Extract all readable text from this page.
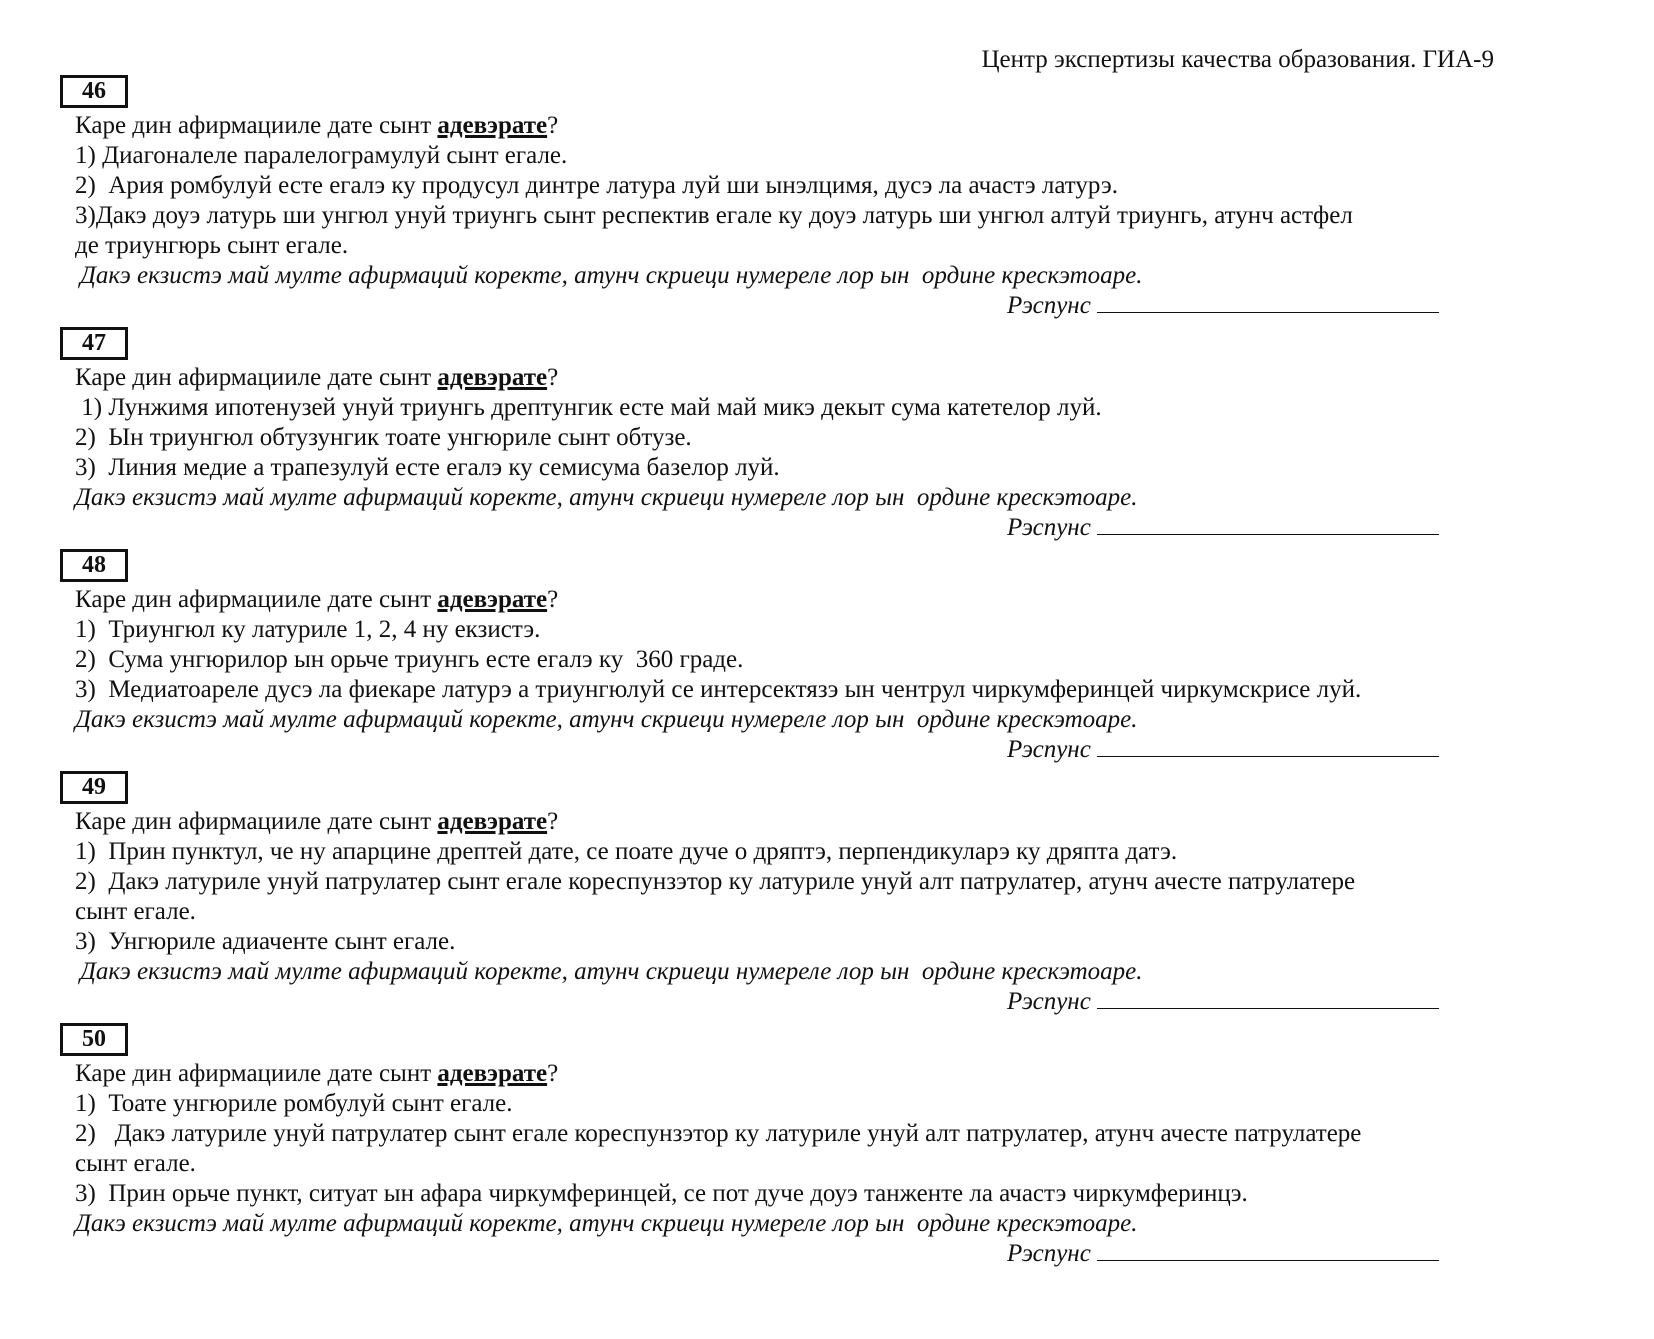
Центр экспертизы качества образования. ГИА-9
46
Каре дин афирмацииле дате сынт адевэрате?
1) Диагоналеле паралелограмулуй сынт егале.
2)  Ария ромбулуй есте егалэ ку продусул динтре латура луй ши ынэлцимя, дусэ ла ачастэ латурэ.
3)Дакэ доуэ латурь ши унгюл унуй триунгь сынт респектив егале ку доуэ латурь ши унгюл алтуй триунгь, атунч астфел
де триунгюрь сынт егале.
Дакэ екзистэ май мулте афирмаций коректе, атунч скриеци нумереле лор ын  ордине крескэтоаре.
Рэспунс
47
Каре дин афирмацииле дате сынт адевэрате?
1) Лунжимя ипотенузей унуй триунгь дрептунгик есте май май микэ декыт сума катетелор луй.
2)  Ын триунгюл обтузунгик тоате унгюриле сынт обтузе.
3)  Линия медие а трапезулуй есте егалэ ку семисума базелор луй.
Дакэ екзистэ май мулте афирмаций коректе, атунч скриеци нумереле лор ын  ордине крескэтоаре.
Рэспунс
48
Каре дин афирмацииле дате сынт адевэрате?
1)  Триунгюл ку латуриле 1, 2, 4 ну екзистэ.
2)  Сума унгюрилор ын орьче триунгь есте егалэ ку  360 граде.
3)  Медиатоареле дусэ ла фиекаре латурэ а триунгюлуй се интерсектязэ ын чентрул чиркумферинцей чиркумскрисе луй.
Дакэ екзистэ май мулте афирмаций коректе, атунч скриеци нумереле лор ын  ордине крескэтоаре.
Рэспунс
49
Каре дин афирмацииле дате сынт адевэрате?
1)  Прин пунктул, че ну апарцине дрептей дате, се поате дуче о дряптэ, перпендикуларэ ку дряпта датэ.
2)  Дакэ латуриле унуй патрулатер сынт егале кореспунзэтор ку латуриле унуй алт патрулатер, атунч ачесте патрулатере
сынт егале.
3)  Унгюриле адиаченте сынт егале.
Дакэ екзистэ май мулте афирмаций коректе, атунч скриеци нумереле лор ын  ордине крескэтоаре.
Рэспунс
50
Каре дин афирмацииле дате сынт адевэрате?
1)  Тоате унгюриле ромбулуй сынт егале.
2)   Дакэ латуриле унуй патрулатер сынт егале кореспунзэтор ку латуриле унуй алт патрулатер, атунч ачесте патрулатере
сынт егале.
3)  Прин орьче пункт, ситуат ын афара чиркумферинцей, се пот дуче доуэ танженте ла ачастэ чиркумферинцэ.
Дакэ екзистэ май мулте афирмаций коректе, атунч скриеци нумереле лор ын  ордине крескэтоаре.
Рэспунс
